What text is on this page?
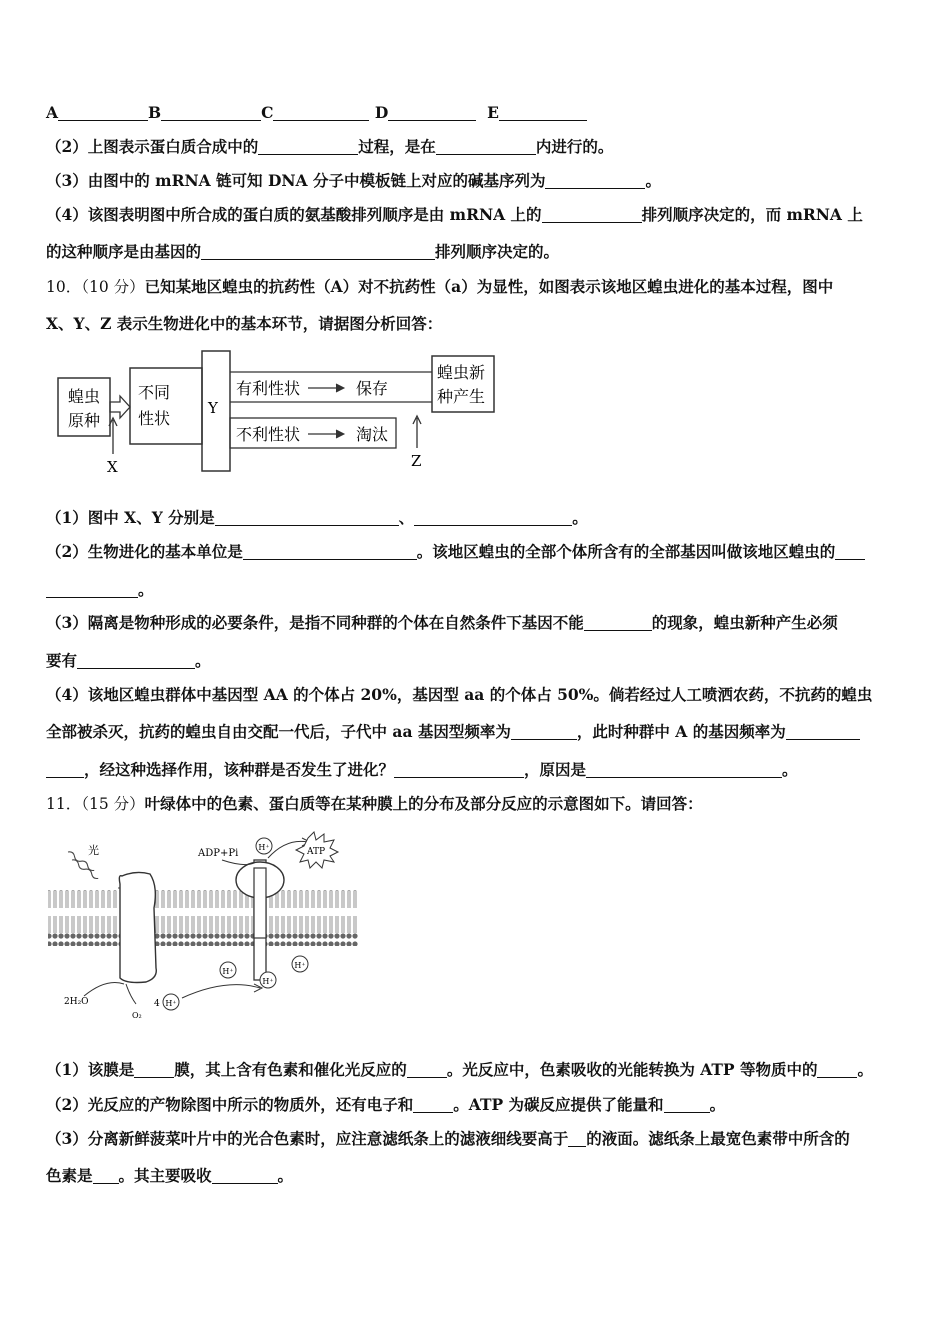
A	B	C	D	E
（2）上图表示蛋白质合成中的	过程，是在	内进行的。
（3）由图中的 mRNA 链可知 DNA 分子中模板链上对应的碱基序列为	。
（4）该图表明图中所合成的蛋白质的氨基酸排列顺序是由 mRNA 上的	排列顺序决定的，而 mRNA 上
的这种顺序是由基因的	排列顺序决定的。
10．（10 分）已知某地区蝗虫的抗药性（A）对不抗药性（a）为显性，如图表示该地区蝗虫进化的基本过程，图中
X、Y、Z 表示生物进化中的基本环节，请据图分析回答：
蝗虫
原种
X
不同
性状
Y
有利性状	保存
不利性状	淘汰
蝗虫新
种产生
Z
（1）图中 X、Y 分别是	、	。
（2）生物进化的基本单位是	。该地区蝗虫的全部个体所含有的全部基因叫做该地区蝗虫的
。
（3）隔离是物种形成的必要条件，是指不同种群的个体在自然条件下基因不能	的现象，蝗虫新种产生必须
要有	。
（4）该地区蝗虫群体中基因型 AA 的个体占 20%，基因型 aa 的个体占 50%。倘若经过人工喷洒农药，不抗药的蝗虫
全部被杀灭，抗药的蝗虫自由交配一代后，子代中 aa 基因型频率为	，此时种群中 A 的基因频率为
，经这种选择作用，该种群是否发生了进化？	，原因是	。
11．（15 分）叶绿体中的色素、蛋白质等在某种膜上的分布及部分反应的示意图如下。请回答：
光	ADP+Pi
H⁺	ATP
H⁺
H⁺
H⁺
H⁺
2H₂O
O₂
4
（1）该膜是	膜，其上含有色素和催化光反应的	。光反应中，色素吸收的光能转换为 ATP 等物质中的	。
（2）光反应的产物除图中所示的物质外，还有电子和	。ATP 为碳反应提供了能量和	。
（3）分离新鲜菠菜叶片中的光合色素时，应注意滤纸条上的滤液细线要高于 的液面。滤纸条上最宽色素带中所含的
色素是 。其主要吸收	。
